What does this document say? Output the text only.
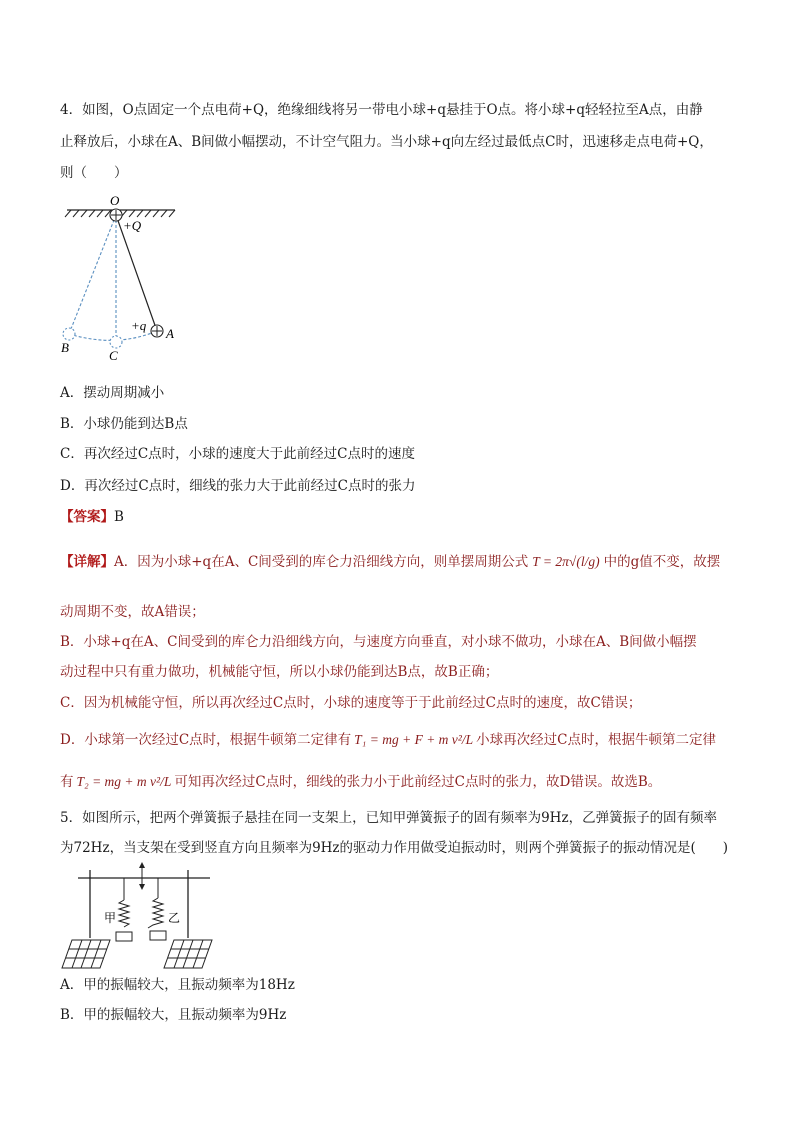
4．如图，O点固定一个点电荷+Q，绝缘细线将另一带电小球+q悬挂于O点。将小球+q轻轻拉至A点，由静
止释放后，小球在A、B间做小幅摆动，不计空气阻力。当小球+q向左经过最低点C时，迅速移走点电荷+Q，
则（　　）
O
+Q
+q
A
B
C
A．摆动周期减小
B．小球仍能到达B点
C．再次经过C点时，小球的速度大于此前经过C点时的速度
D．再次经过C点时，细线的张力大于此前经过C点时的张力
【答案】B
【详解】A．因为小球+q在A、C间受到的库仑力沿细线方向，则单摆周期公式 T = 2π√(l/g) 中的g值不变，故摆
动周期不变，故A错误；
B．小球+q在A、C间受到的库仑力沿细线方向，与速度方向垂直，对小球不做功，小球在A、B间做小幅摆
动过程中只有重力做功，机械能守恒，所以小球仍能到达B点，故B正确；
C．因为机械能守恒，所以再次经过C点时，小球的速度等于于此前经过C点时的速度，故C错误；
D．小球第一次经过C点时，根据牛顿第二定律有 T₁ = mg + F + m v²/L 小球再次经过C点时，根据牛顿第二定律
有 T₂ = mg + m v²/L 可知再次经过C点时，细线的张力小于此前经过C点时的张力，故D错误。故选B。
5．如图所示，把两个弹簧振子悬挂在同一支架上，已知甲弹簧振子的固有频率为9Hz，乙弹簧振子的固有频率
为72Hz，当支架在受到竖直方向且频率为9Hz的驱动力作用做受迫振动时，则两个弹簧振子的振动情况是(　　)
甲	乙
A．甲的振幅较大，且振动频率为18Hz
B．甲的振幅较大，且振动频率为9Hz
